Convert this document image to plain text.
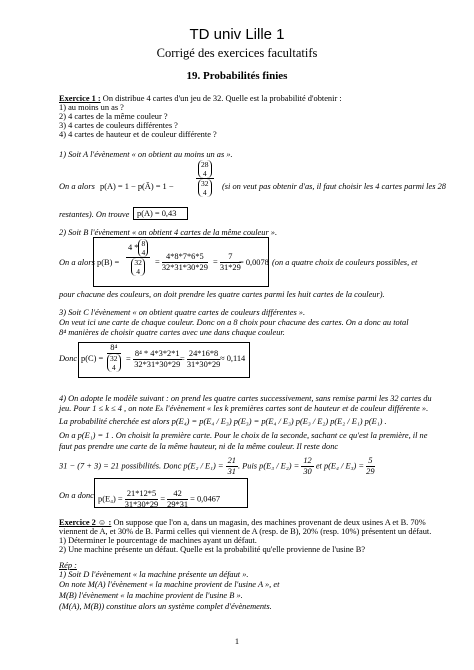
TD univ Lille 1
Corrigé des exercices facultatifs
19. Probabilités finies
Exercice 1 : On distribue 4 cartes d'un jeu de 32. Quelle est la probabilité d'obtenir :
1) au moins un as ?
2) 4 cartes de la même couleur ?
3) 4 cartes de couleurs différentes ?
4) 4 cartes de hauteur et de couleur différente ?
1) Soit A l'évènement « on obtient au moins un as ».
On a alors p(A) = 1 − p(Ā) = 1 −
28
4
32
4
(si on veut pas obtenir d'as, il faut choisir les 4 cartes parmi les 28
restantes). On trouve p(A) = 0,43
2) Soit B l'évènement « on obtient 4 cartes de la même couleur ».
On a alors p(B) =
4 * 8
4
32
4
= $\frac{4*8*7*6*5}{32*31*30*29} = \frac{7}{31*29}$
= 0,0078 (on a quatre choix de couleurs possibles, et
pour chacune des couleurs, on doit prendre les quatre cartes parmi les huit cartes de la couleur).
3) Soit C l'évènement « on obtient quatre cartes de couleurs différentes ».
On veut ici une carte de chaque couleur. Donc on a 8 choix pour chacune des cartes. On a donc au total
8⁴ manières de choisir quatre cartes avec une dans chaque couleur.
Donc p(C) =
8⁴
32
4
= $\frac{\text{8⁴ * 4*3*2*1}}{32*31*30*29}$
= $\frac{24*16*8}{31*30*29} \approx 0,114$
4) On adopte le modèle suivant : on prend les quatre cartes successivement, sans remise parmi les 32 cartes du
jeu. Pour 1 ≤ k ≤ 4 , on note Eₖ l'évènement « les k premières cartes sont de hauteur et de couleur différente ».
La probabilité cherchée est alors p(E₄) = p(E₄ / E₃) p(E₃) = p(E₄ / E₃) p(E₃ / E₂) p(E₂ / E₁) p(E₁) .
On a p(E₁) = 1 . On choisit la première carte. Pour le choix de la seconde, sachant ce qu'est la première, il ne
faut pas prendre une carte de la même hauteur, ni de la même couleur. Il reste donc
31 − (7 + 3) = 21 possibilités. Donc $p(E_2 / E_1) = \frac{21}{31}$ . Puis $p(E_3 / E_2) = \frac{12}{30}$ et $p(E_4 / E_3) = \frac{5}{29}$
On a donc $p(E_4) = \frac{21*12*5}{31*30*29} = \frac{42}{29*31} = 0,0467$
Exercice 2 ☺ : On suppose que l'on a, dans un magasin, des machines provenant de deux usines A et B. 70%
viennent de A, et 30% de B. Parmi celles qui viennent de A (resp. de B), 20% (resp. 10%) présentent un défaut.
1) Déterminer le pourcentage de machines ayant un défaut.
2) Une machine présente un défaut. Quelle est la probabilité qu'elle provienne de l'usine B?
Rép :
1) Soit D l'évènement « la machine présente un défaut ».
On note M(A) l'évènement « la machine provient de l'usine A », et
M(B) l'évènement « la machine provient de l'usine B ».
(M(A), M(B)) constitue alors un système complet d'évènements.
1
